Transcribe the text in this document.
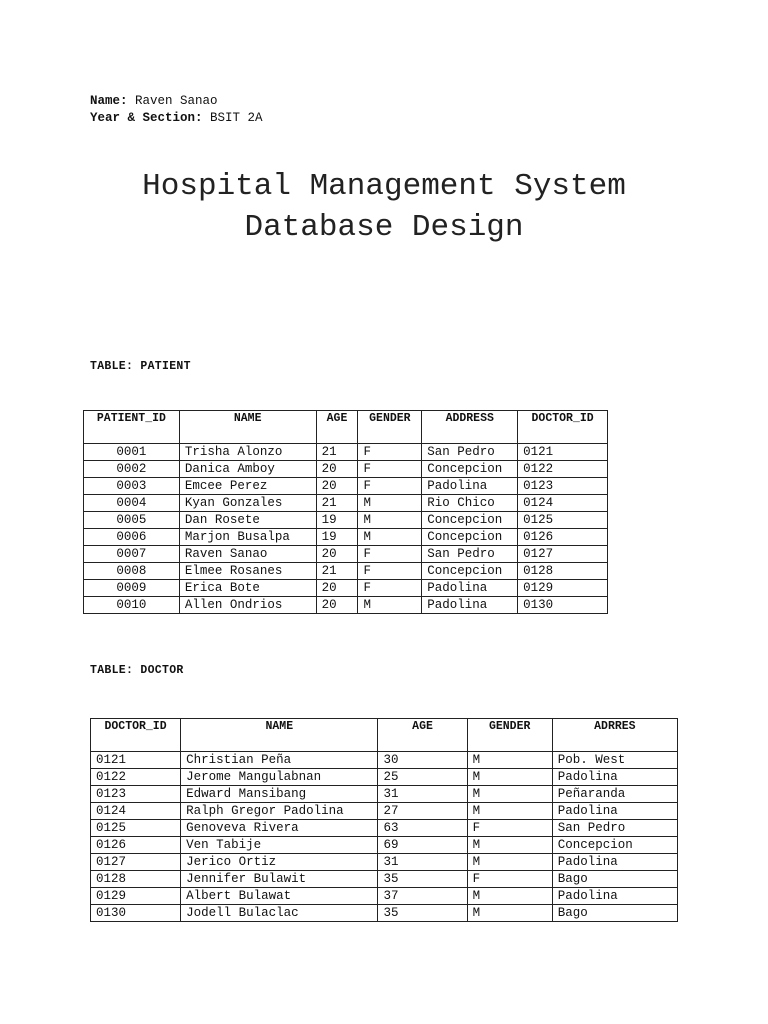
Name: Raven Sanao
Year & Section: BSIT 2A
Hospital Management System
Database Design
TABLE: PATIENT
PATIENT_ID	NAME	AGE	GENDER	ADDRESS	DOCTOR_ID
0001	Trisha Alonzo	21	F	San Pedro	0121
0002	Danica Amboy	20	F	Concepcion	0122
0003	Emcee Perez	20	F	Padolina	0123
0004	Kyan Gonzales	21	M	Rio Chico	0124
0005	Dan Rosete	19	M	Concepcion	0125
0006	Marjon Busalpa	19	M	Concepcion	0126
0007	Raven Sanao	20	F	San Pedro	0127
0008	Elmee Rosanes	21	F	Concepcion	0128
0009	Erica Bote	20	F	Padolina	0129
0010	Allen Ondrios	20	M	Padolina	0130
TABLE: DOCTOR
DOCTOR_ID	NAME	AGE	GENDER	ADRRES
0121	Christian Peña	30	M	Pob. West
0122	Jerome Mangulabnan	25	M	Padolina
0123	Edward Mansibang	31	M	Peñaranda
0124	Ralph Gregor Padolina	27	M	Padolina
0125	Genoveva Rivera	63	F	San Pedro
0126	Ven Tabije	69	M	Concepcion
0127	Jerico Ortiz	31	M	Padolina
0128	Jennifer Bulawit	35	F	Bago
0129	Albert Bulawat	37	M	Padolina
0130	Jodell Bulaclac	35	M	Bago
